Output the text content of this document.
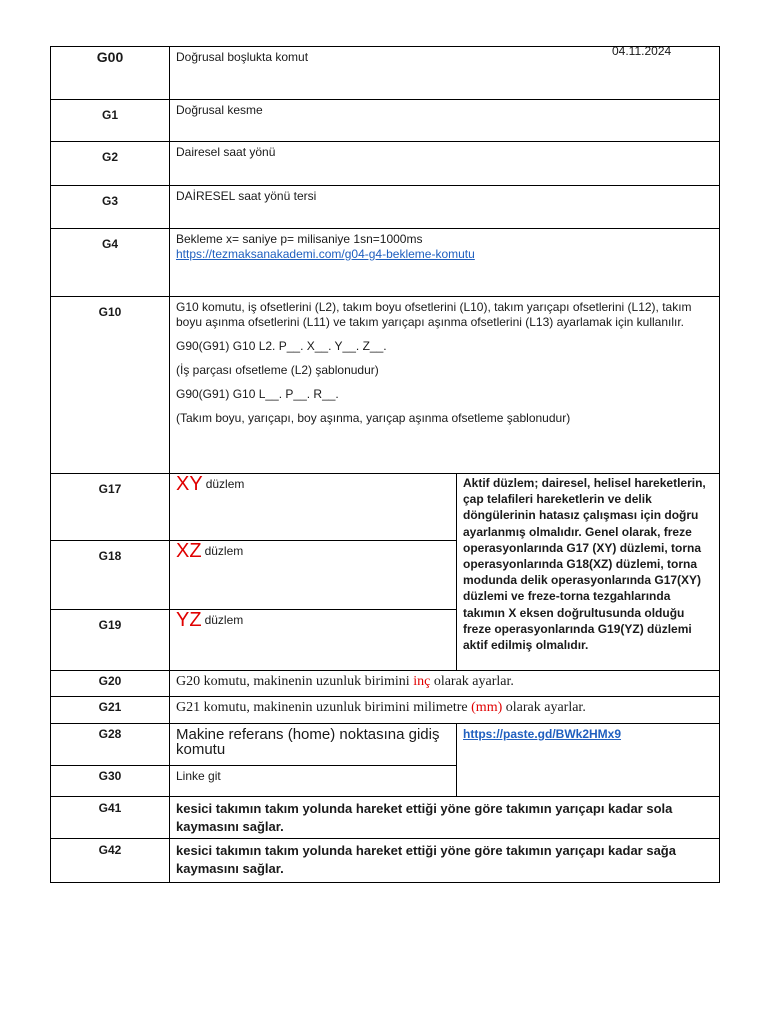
04.11.2024
G00	Doğrusal boşlukta komut	
G1	Doğrusal kesme	
G2	Dairesel saat yönü	
G3	DAİRESEL saat yönü tersi	
G4	Bekleme x= saniye p= milisaniye 1sn=1000ms
https://tezmaksanakademi.com/g04-g4-bekleme-komutu	

G10	G10 komutu, iş ofsetlerini (L2), takım boyu ofsetlerini (L10), takım yarıçapı ofsetlerini (L12), takım boyu aşınma ofsetlerini (L11) ve takım yarıçapı aşınma ofsetlerini (L13) ayarlamak için kullanılır.

G90(G91) G10 L2. P__. X__. Y__. Z__.

(İş parçası ofsetleme (L2) şablonudur)

G90(G91) G10 L__. P__. R__.

(Takım boyu, yarıçapı, boy aşınma, yarıçap aşınma ofsetleme şablonudur)	

G17	XY düzlem	Aktif düzlem; dairesel, helisel hareketlerin, çap telafileri hareketlerin ve delik döngülerinin hatasız çalışması için doğru ayarlanmış olmalıdır. Genel olarak, freze operasyonlarında G17 (XY) düzlemi, torna operasyonlarında G18(XZ) düzlemi, torna modunda delik operasyonlarında G17(XY) düzlemi ve freze-torna tezgahlarında takımın X eksen doğrultusunda olduğu freze operasyonlarında G19(YZ) düzlemi aktif edilmiş olmalıdır.
G18	XZ düzlem	
G19	YZ düzlem	
G20	G20 komutu, makinenin uzunluk birimini inç olarak ayarlar.	
G21	G21 komutu, makinenin uzunluk birimini milimetre (mm) olarak ayarlar.	
G28	Makine referans (home) noktasına gidiş komutu	https://paste.gd/BWk2HMx9
G30	Linke git	
G41	kesici takımın takım yolunda hareket ettiği yöne göre takımın yarıçapı kadar sola kaymasını sağlar.	
G42	kesici takımın takım yolunda hareket ettiği yöne göre takımın yarıçapı kadar sağa kaymasını sağlar.	
